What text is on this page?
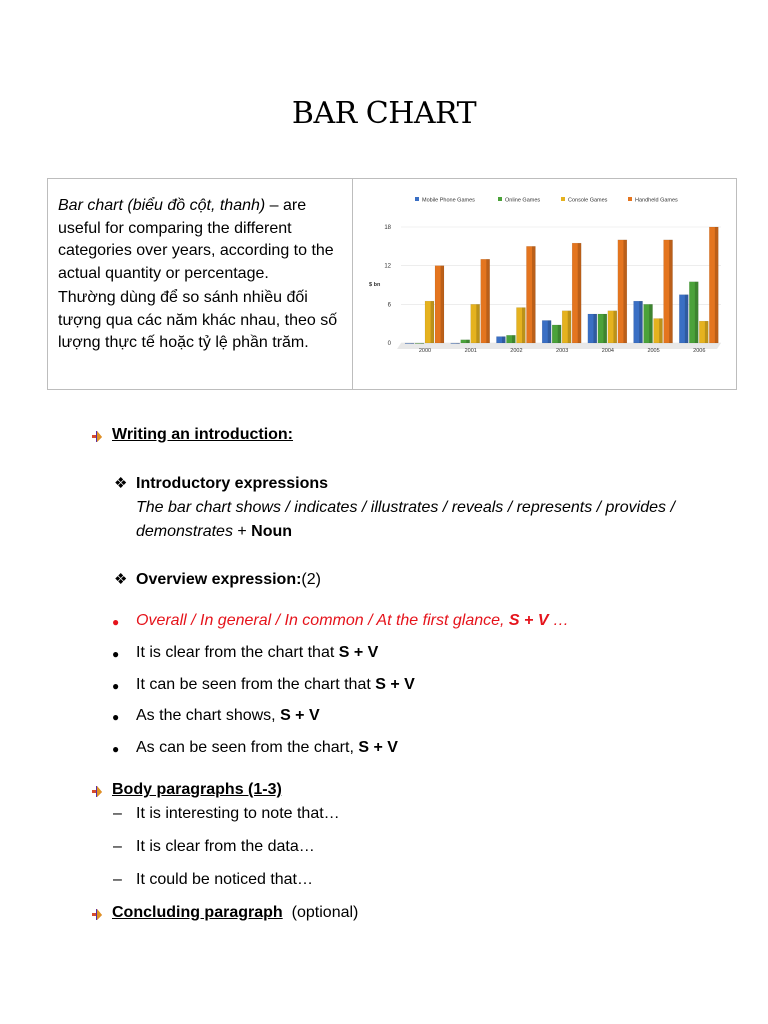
BAR CHART

Bar chart (biểu đồ cột, thanh) – are useful for comparing the different categories over years, according to the actual quantity or percentage.

Thường dùng để so sánh nhiều đối tượng qua các năm khác nhau, theo số lượng thực tế hoặc tỷ lệ phần trăm.

Mobile Phone Games	Online Games	Console Games	Handheld Games
0
6
12
18
$ bn
2000	2001	2002	2003	2004	2005	2006
Writing an introduction:
❖ Introductory expressions
The bar chart shows / indicates / illustrates / reveals / represents / provides / demonstrates + Noun
❖ Overview expression: (2)
●	Overall / In general / In common / At the first glance, S + V …
●	It is clear from the chart that S + V
●	It can be seen from the chart that S + V
●	As the chart shows, S + V
●	As can be seen from the chart, S + V
Body paragraphs (1-3)
– It is interesting to note that…
– It is clear from the data…
– It could be noticed that…
Concluding paragraph (optional)
